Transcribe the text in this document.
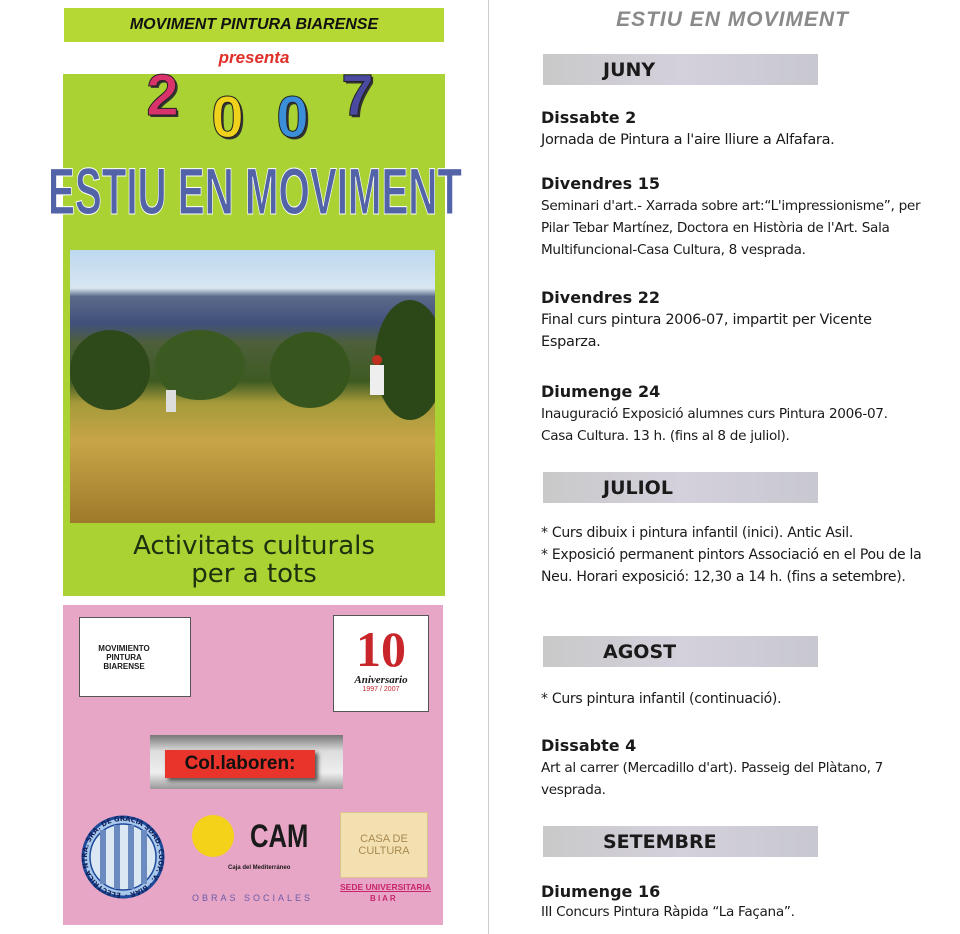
MOVIMENT PINTURA BIARENSE
presenta
2 0 0 7
ESTIU EN MOVIMENT
Activitats culturals
per a tots
MOVIMIENTO PINTURA BIARENSE	10
Aniversario
1997 / 2007
Col.laboren:
ELECTRICA NTRA. SRA. DE GRACIA SDAD. COOP. V. · BIAR ·
CAM
Caja del Mediterráneo
OBRAS SOCIALES
CASA DE CULTURA
SEDE UNIVERSITARIA
B I A R
ESTIU EN MOVIMENT
JUNY
Dissabte 2

Jornada de Pintura a l'aire lliure a Alfafara.

Divendres 15

Seminari d'art.- Xarrada sobre art:“L'impressionisme”, per Pilar Tebar Martínez, Doctora en Història de l'Art. Sala Multifuncional-Casa Cultura, 8 vesprada.

Divendres 22

Final curs pintura 2006-07, impartit per Vicente Esparza.

Diumenge 24

Inauguració Exposició alumnes curs Pintura 2006-07. Casa Cultura. 13 h. (fins al 8 de juliol).

JULIOL

* Curs dibuix i pintura infantil (inici). Antic Asil.

* Exposició permanent pintors Associació en el Pou de la Neu. Horari exposició: 12,30 a 14 h. (fins a setembre).

AGOST

* Curs pintura infantil (continuació).

Dissabte 4

Art al carrer (Mercadillo d'art). Passeig del Plàtano, 7 vesprada.

SETEMBRE
Diumenge 16

III Concurs Pintura Ràpida “La Façana”.
